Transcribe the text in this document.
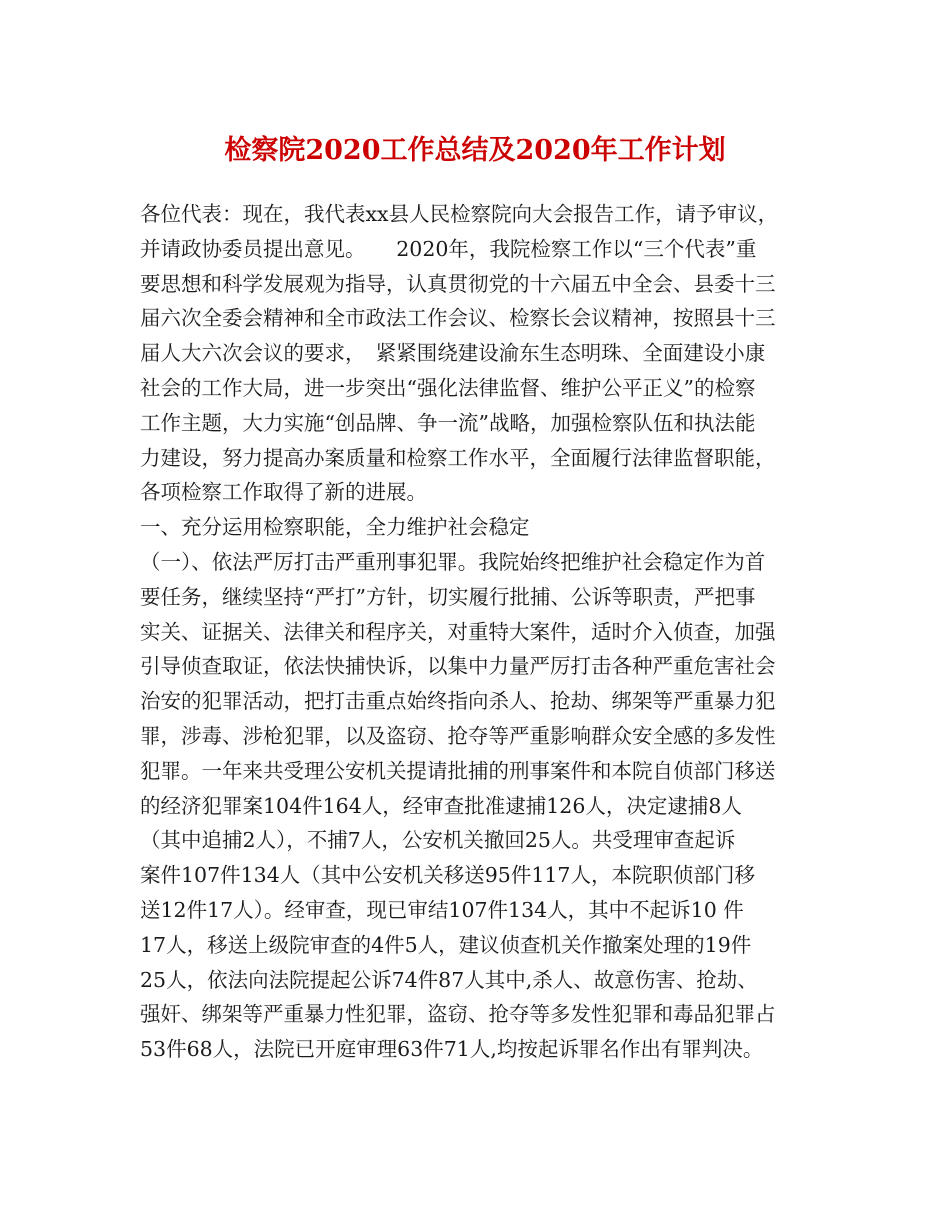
检察院2020工作总结及2020年工作计划
各位代表：现在，我代表xx县人民检察院向大会报告工作，请予审议，
并请政协委员提出意见。　　2020年，我院检察工作以“三个代表”重
要思想和科学发展观为指导，认真贯彻党的十六届五中全会、县委十三
届六次全委会精神和全市政法工作会议、检察长会议精神，按照县十三
届人大六次会议的要求，　紧紧围绕建设渝东生态明珠、全面建设小康
社会的工作大局，进一步突出“强化法律监督、维护公平正义”的检察
工作主题，大力实施“创品牌、争一流”战略，加强检察队伍和执法能
力建设，努力提高办案质量和检察工作水平，全面履行法律监督职能，
各项检察工作取得了新的进展。
一、充分运用检察职能，全力维护社会稳定
（一）、依法严厉打击严重刑事犯罪。我院始终把维护社会稳定作为首
要任务，继续坚持“严打”方针，切实履行批捕、公诉等职责，严把事
实关、证据关、法律关和程序关，对重特大案件，适时介入侦查，加强
引导侦查取证，依法快捕快诉，以集中力量严厉打击各种严重危害社会
治安的犯罪活动，把打击重点始终指向杀人、抢劫、绑架等严重暴力犯
罪，涉毒、涉枪犯罪，以及盗窃、抢夺等严重影响群众安全感的多发性
犯罪。一年来共受理公安机关提请批捕的刑事案件和本院自侦部门移送
的经济犯罪案104件164人，经审查批准逮捕126人，决定逮捕8人
（其中追捕2人），不捕7人，公安机关撤回25人。共受理审查起诉
案件107件134人（其中公安机关移送95件117人，本院职侦部门移
送12件17人）。经审查，现已审结107件134人，其中不起诉10 件
17人，移送上级院审查的4件5人，建议侦查机关作撤案处理的19件
25人，依法向法院提起公诉74件87人其中,杀人、故意伤害、抢劫、
强奸、绑架等严重暴力性犯罪，盗窃、抢夺等多发性犯罪和毒品犯罪占
53件68人，法院已开庭审理63件71人,均按起诉罪名作出有罪判决。
